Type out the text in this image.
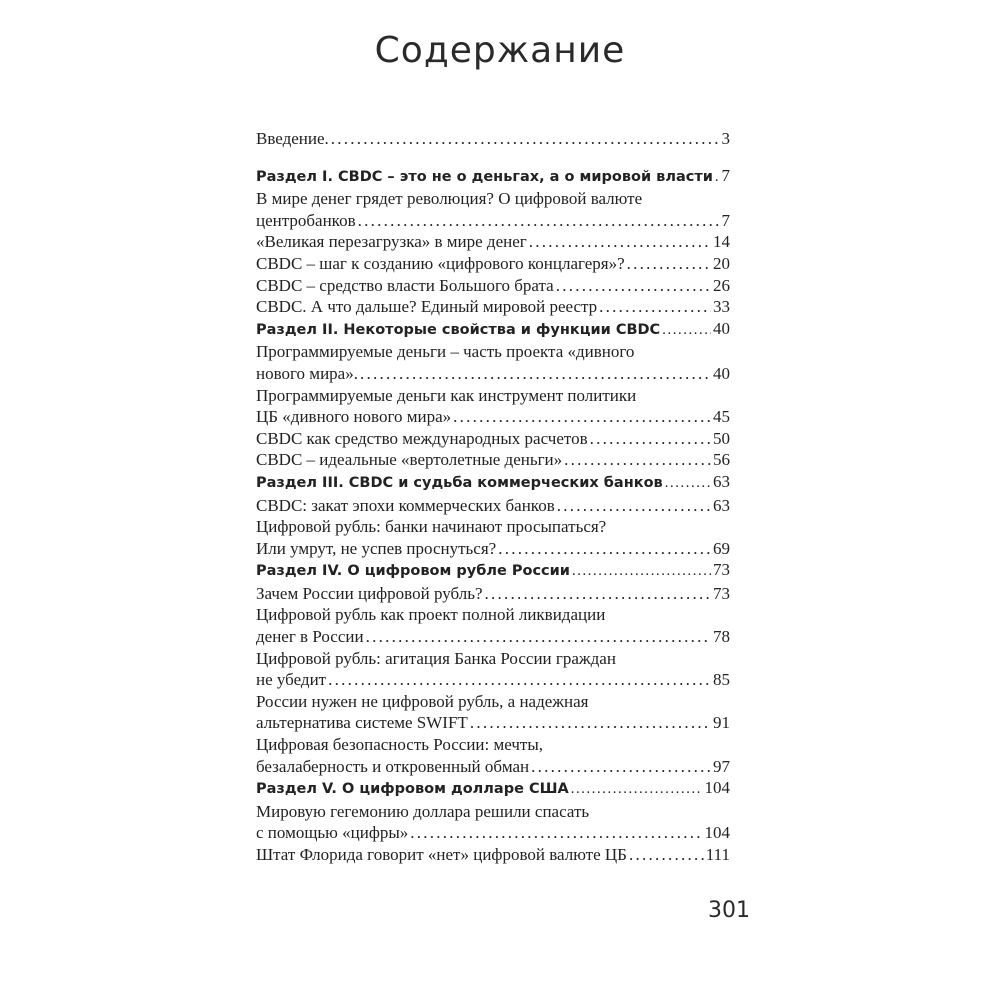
Содержание
Введение. . . .	3
Раздел I. CBDC – это не о деньгах, а о мировой власти . . . 7
В мире денег грядет революция? О цифровой валюте
центробанков . . .	7
«Великая перезагрузка» в мире денег . . .	14
CBDC – шаг к созданию «цифрового концлагеря»? . . .	20
CBDC – средство власти Большого брата . . .	26
CBDC. А что дальше? Единый мировой реестр . . .	33
Раздел II. Некоторые свойства и функции CBDC . . .	40
Программируемые деньги – часть проекта «дивного
нового мира». . . .	40
Программируемые деньги как инструмент политики
ЦБ «дивного нового мира» . . .	45
CBDC как средство международных расчетов . . .	50
CBDC – идеальные «вертолетные деньги» . . .	56
Раздел III. CBDC и судьба коммерческих банков . . .	63
CBDC: закат эпохи коммерческих банков . . .	63
Цифровой рубль: банки начинают просыпаться?
Или умрут, не успев проснуться? . . .	69
Раздел IV. О цифровом рубле России . . .	73
Зачем России цифровой рубль? . . .	73
Цифровой рубль как проект полной ликвидации
денег в России . . .	78
Цифровой рубль: агитация Банка России граждан
не убедит . . .	85
России нужен не цифровой рубль, а надежная
альтернатива системе SWIFT . . .	91
Цифровая безопасность России: мечты,
безалаберность и откровенный обман . . .	97
Раздел V. О цифровом долларе США . . .	104
Мировую гегемонию доллара решили спасать
с помощью «цифры» . . .	104
Штат Флорида говорит «нет» цифровой валюте ЦБ . . .	111
301
